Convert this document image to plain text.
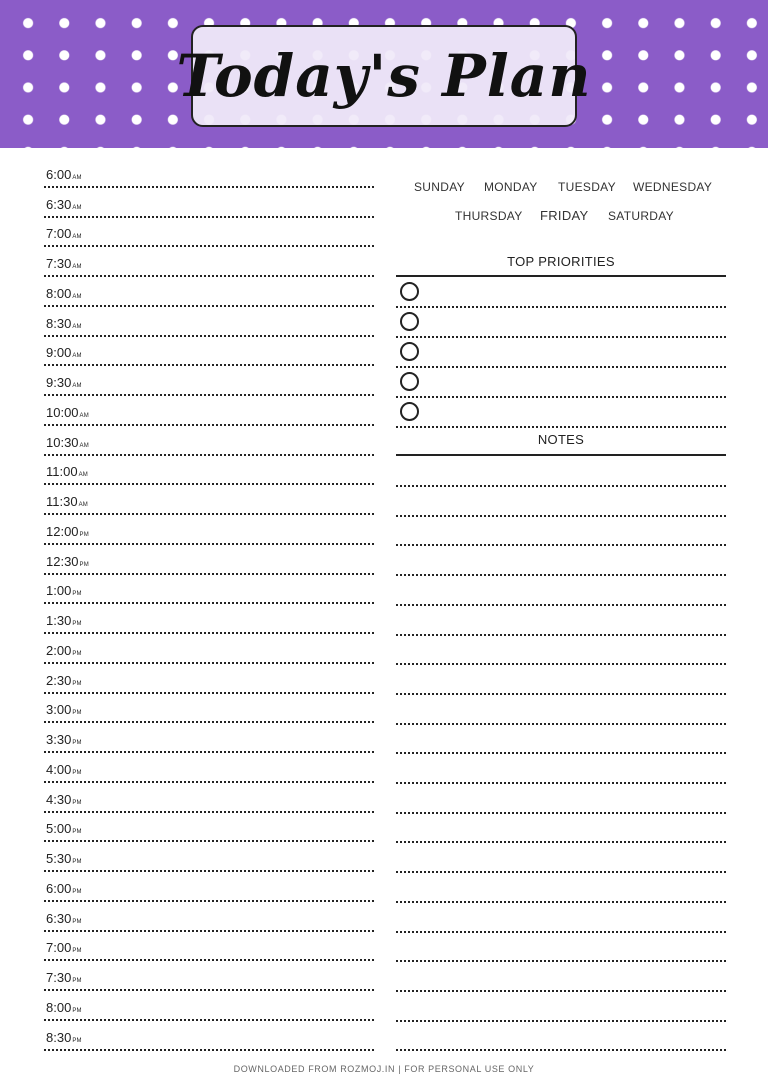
Today's Plan
6:00AM
6:30AM
7:00AM
7:30AM
8:00AM
8:30AM
9:00AM
9:30AM
10:00AM
10:30AM
11:00AM
11:30AM
12:00PM
12:30PM
1:00PM
1:30PM
2:00PM
2:30PM
3:00PM
3:30PM
4:00PM
4:30PM
5:00PM
5:30PM
6:00PM
6:30PM
7:00PM
7:30PM
8:00PM
8:30PM
SUNDAY MONDAY TUESDAY WEDNESDAY
THURSDAY FRIDAY SATURDAY
TOP PRIORITIES
NOTES
DOWNLOADED FROM ROZMOJ.IN | FOR PERSONAL USE ONLY
